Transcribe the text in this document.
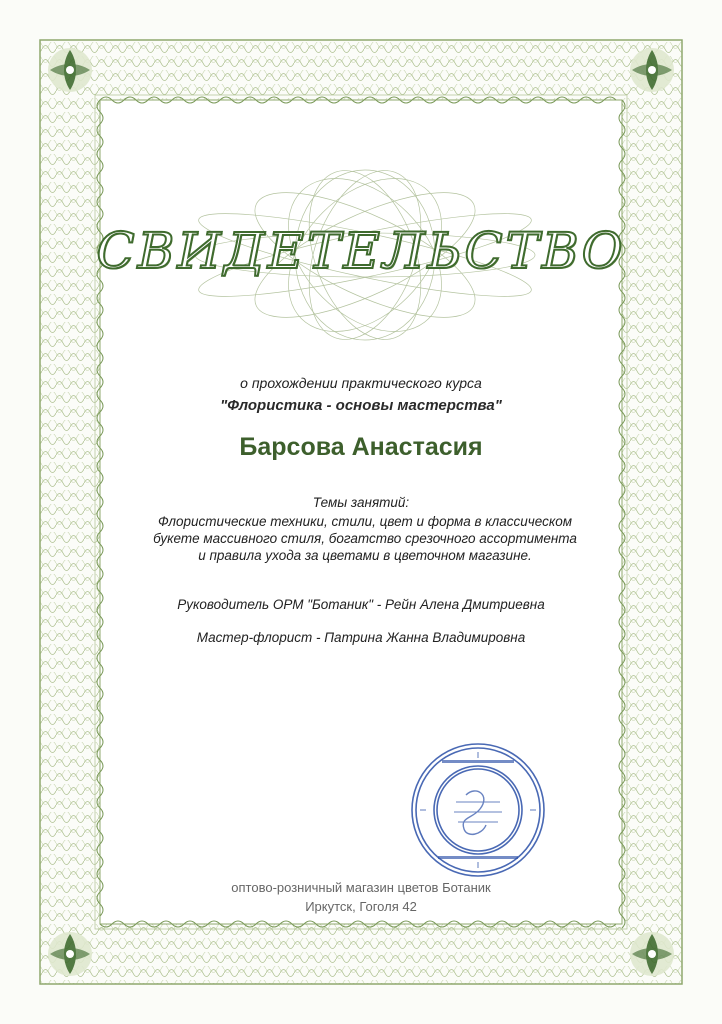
СВИДЕТЕЛЬСТВО
о прохождении практического курса
"Флористика - основы мастерства"
Барсова Анастасия
Темы занятий:
Флористические техники, стили, цвет и форма в классическом букете массивного стиля, богатство срезочного ассортимента и правила ухода за цветами в цветочном магазине.
Руководитель ОРМ "Ботаник" - Рейн Алена Дмитриевна
Мастер-флорист - Патрина Жанна Владимировна
оптово-розничный магазин цветов Ботаник
Иркутск, Гоголя 42
